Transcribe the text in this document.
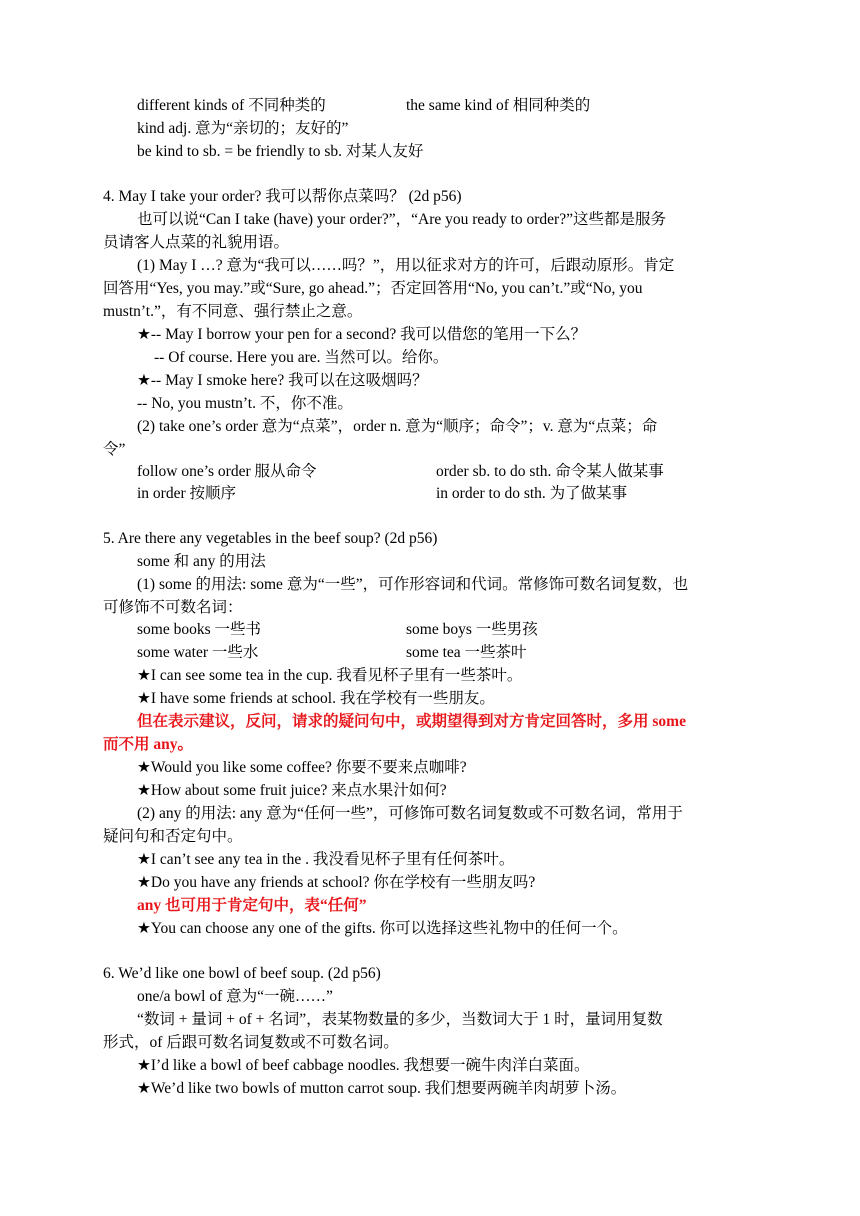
different kinds of 不同种类的	the same kind of 相同种类的
kind adj. 意为“亲切的；友好的”
be kind to sb. = be friendly to sb. 对某人友好
4. May I take your order? 我可以帮你点菜吗？ (2d p56)
也可以说“Can I take (have) your order?”，“Are you ready to order?”这些都是服务
员请客人点菜的礼貌用语。
(1) May I …? 意为“我可以……吗？”，用以征求对方的许可，后跟动原形。肯定
回答用“Yes, you may.”或“Sure, go ahead.”；否定回答用“No, you can’t.”或“No, you
mustn’t.”，有不同意、强行禁止之意。
★-- May I borrow your pen for a second? 我可以借您的笔用一下么？
-- Of course. Here you are. 当然可以。给你。
★-- May I smoke here? 我可以在这吸烟吗？
-- No, you mustn’t. 不，你不准。
(2) take one’s order 意为“点菜”，order n. 意为“顺序；命令”；v. 意为“点菜；命
令”
follow one’s order 服从命令	order sb. to do sth. 命令某人做某事
in order 按顺序	in order to do sth. 为了做某事
5. Are there any vegetables in the beef soup? (2d p56)
some 和 any 的用法
(1) some 的用法: some 意为“一些”，可作形容词和代词。常修饰可数名词复数，也
可修饰不可数名词：
some books 一些书	some boys 一些男孩
some water 一些水	some tea 一些茶叶
★I can see some tea in the cup. 我看见杯子里有一些茶叶。
★I have some friends at school. 我在学校有一些朋友。
但在表示建议，反问，请求的疑问句中，或期望得到对方肯定回答时，多用 some
而不用 any。
★Would you like some coffee? 你要不要来点咖啡?
★How about some fruit juice? 来点水果汁如何?
(2) any 的用法: any 意为“任何一些”，可修饰可数名词复数或不可数名词，常用于
疑问句和否定句中。
★I can’t see any tea in the . 我没看见杯子里有任何茶叶。
★Do you have any friends at school? 你在学校有一些朋友吗?
any 也可用于肯定句中，表“任何”
★You can choose any one of the gifts. 你可以选择这些礼物中的任何一个。
6. We’d like one bowl of beef soup. (2d p56)
one/a bowl of 意为“一碗……”
“数词 + 量词 + of + 名词”，表某物数量的多少，当数词大于 1 时，量词用复数
形式，of 后跟可数名词复数或不可数名词。
★I’d like a bowl of beef cabbage noodles. 我想要一碗牛肉洋白菜面。
★We’d like two bowls of mutton carrot soup. 我们想要两碗羊肉胡萝卜汤。
